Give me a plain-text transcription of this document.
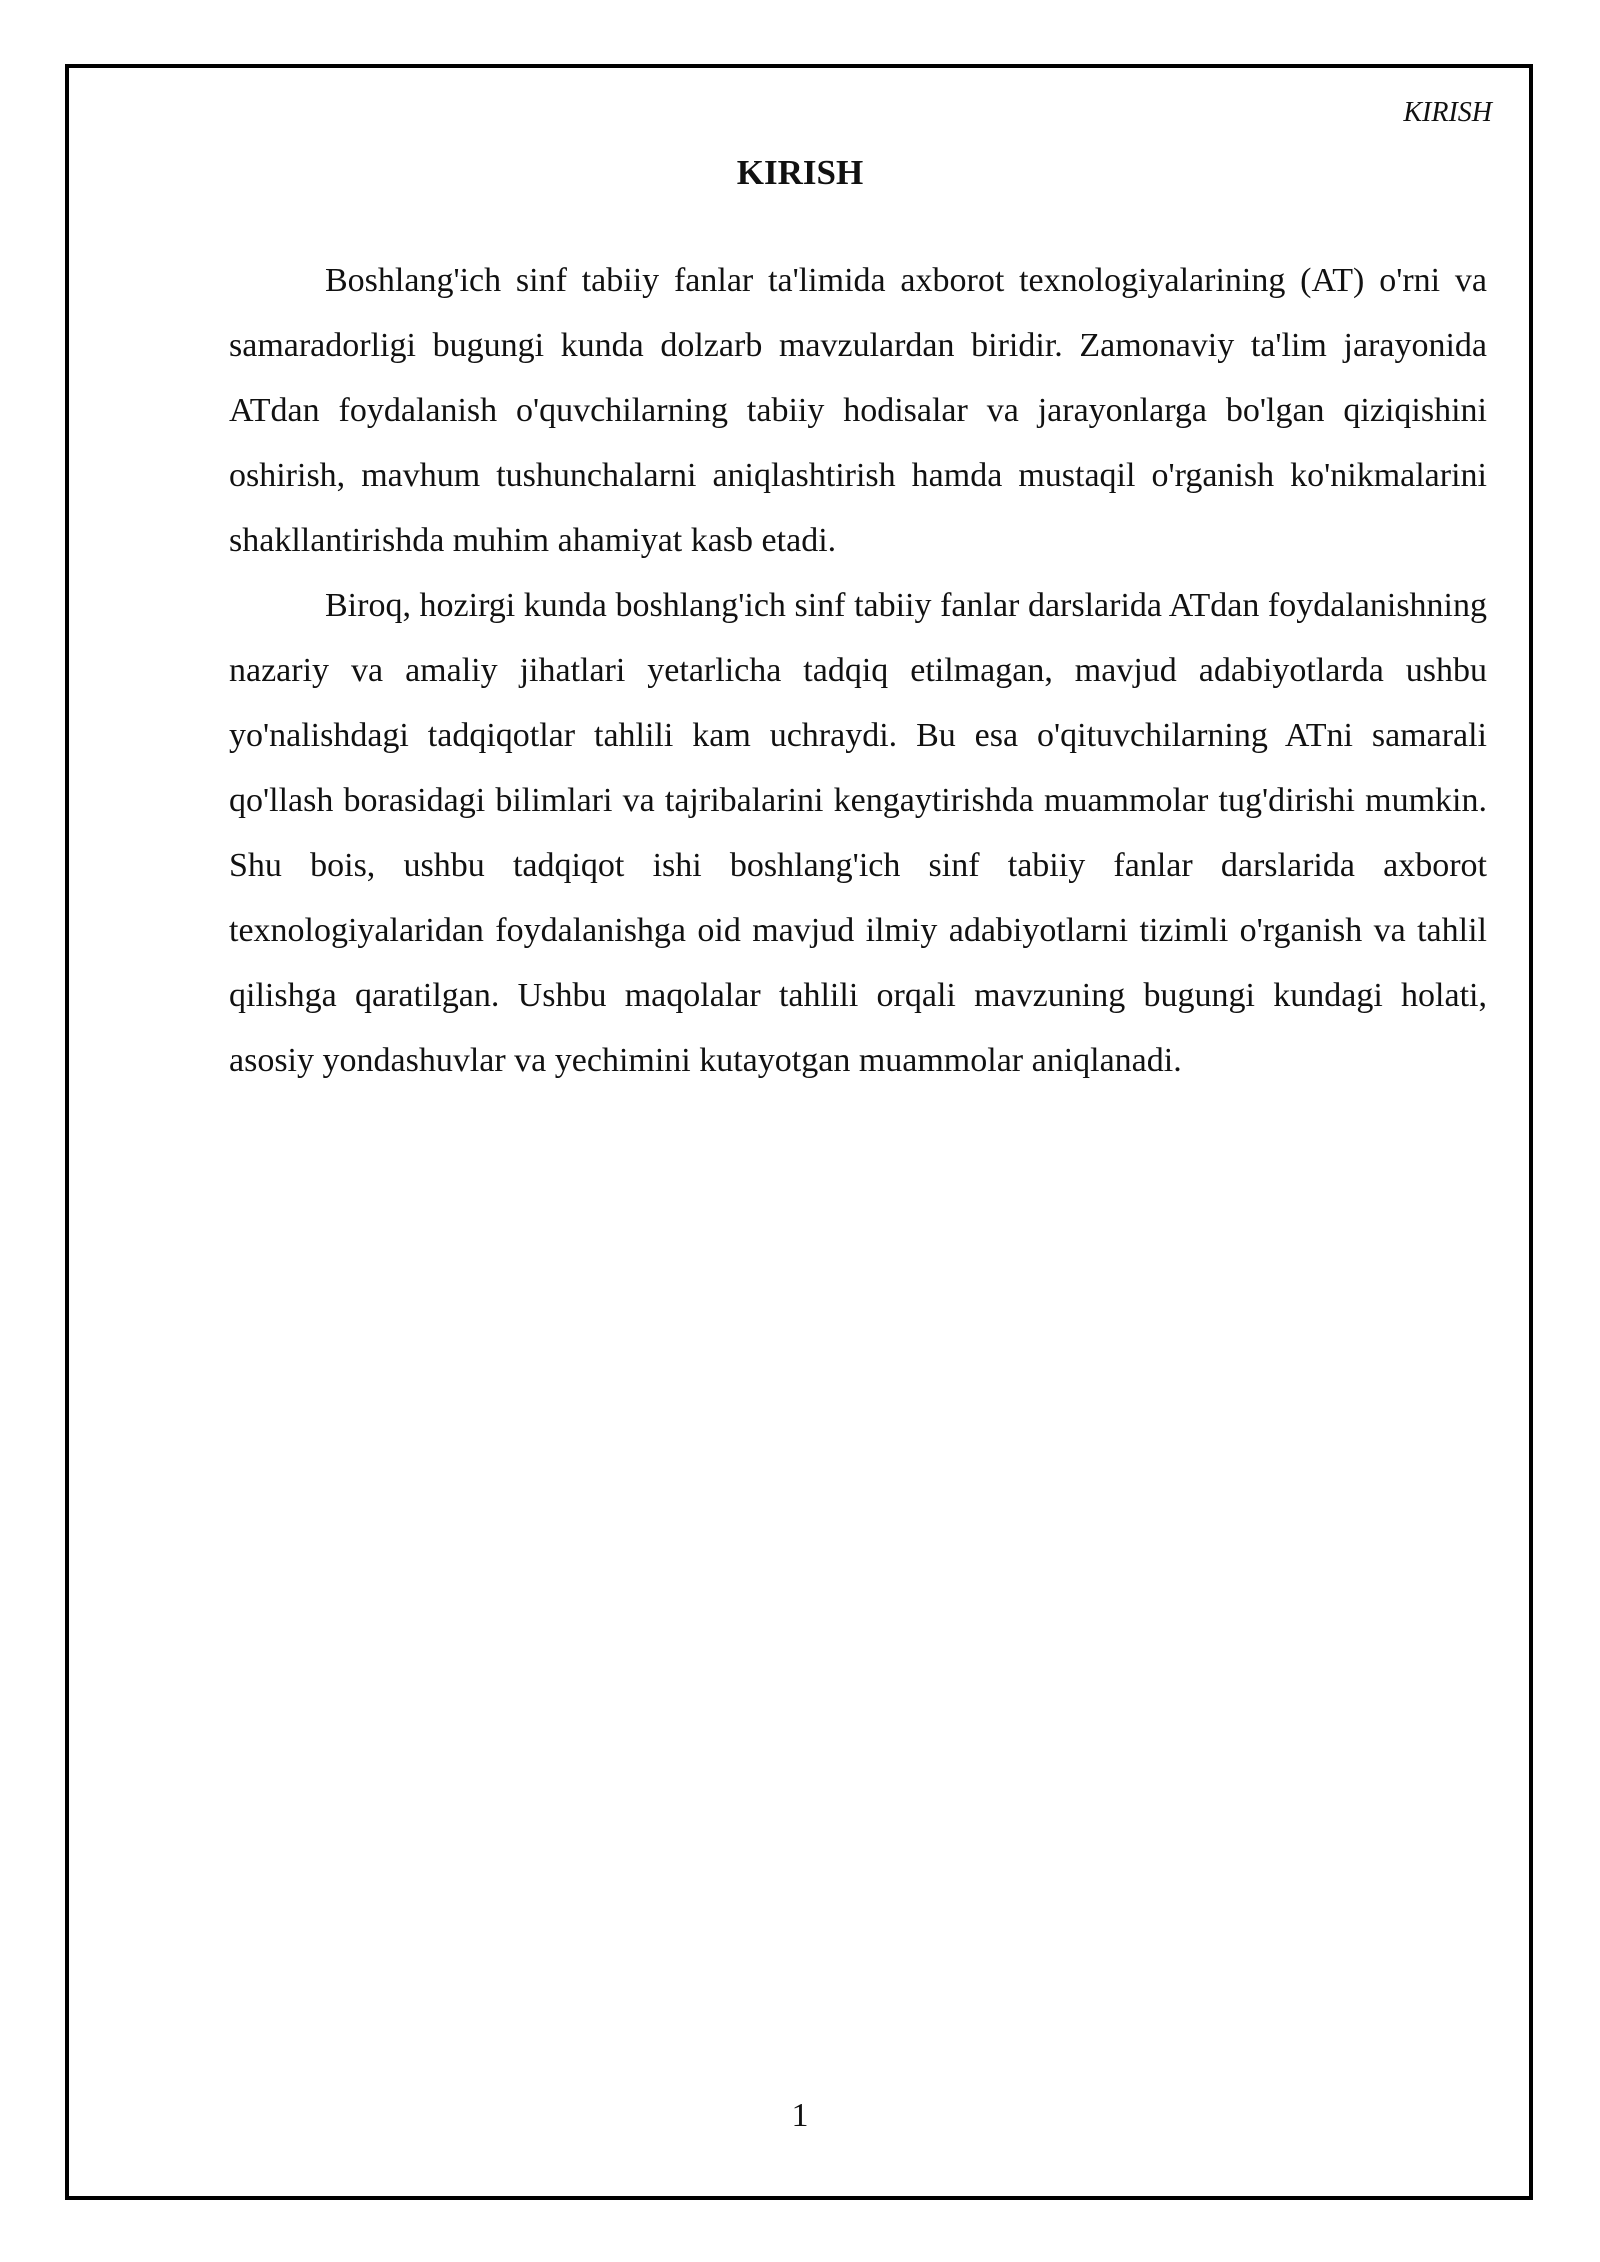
KIRISH
KIRISH

Boshlang'ich sinf tabiiy fanlar ta'limida axborot texnologiyalarining (AT) o'rni va samaradorligi bugungi kunda dolzarb mavzulardan biridir. Zamonaviy ta'lim jarayonida ATdan foydalanish o'quvchilarning tabiiy hodisalar va jarayonlarga bo'lgan qiziqishini oshirish, mavhum tushunchalarni aniqlashtirish hamda mustaqil o'rganish ko'nikmalarini shakllantirishda muhim ahamiyat kasb etadi.

Biroq, hozirgi kunda boshlang'ich sinf tabiiy fanlar darslarida ATdan foydalanishning nazariy va amaliy jihatlari yetarlicha tadqiq etilmagan, mavjud adabiyotlarda ushbu yo'nalishdagi tadqiqotlar tahlili kam uchraydi. Bu esa o'qituvchilarning ATni samarali qo'llash borasidagi bilimlari va tajribalarini kengaytirishda muammolar tug'dirishi mumkin. Shu bois, ushbu tadqiqot ishi boshlang'ich sinf tabiiy fanlar darslarida axborot texnologiyalaridan foydalanishga oid mavjud ilmiy adabiyotlarni tizimli o'rganish va tahlil qilishga qaratilgan. Ushbu maqolalar tahlili orqali mavzuning bugungi kundagi holati, asosiy yondashuvlar va yechimini kutayotgan muammolar aniqlanadi.

1
